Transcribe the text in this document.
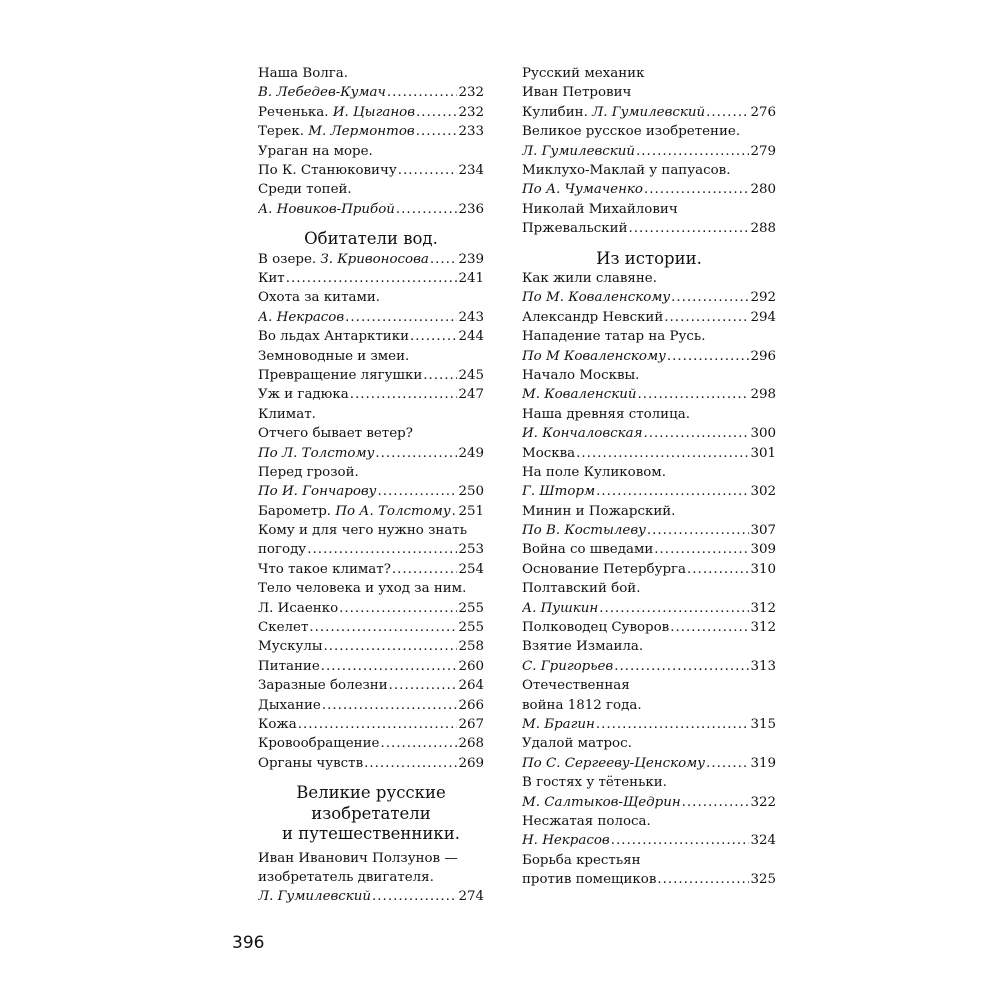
Наша Волга.
В. Лебедев-Кумач .....	232
Реченька.
И. Цыганов .....	232
Терек.
М. Лермонтов .....	233
Ураган на море.
По К. Станюковичу .....	234
Среди топей.
А. Новиков-Прибой .....	236
Обитатели вод.
В озере.
З. Кривоносова ..... 239
Кит .....	241
Охота за китами.
А. Некрасов .....	243
Во льдах Антарктики .....	244
Земноводные и змеи.
Превращение лягушки .....	245
Уж и гадюка .....	247
Климат.
Отчего бывает ветер?
По Л. Толстому .....	249
Перед грозой.
По И. Гончарову .....	250
Барометр.
По А. Толстому ..... 251
Кому и для чего нужно знать
погоду .....	253
Что такое климат? .....	254
Тело человека и уход за ним.
Л. Исаенко .....	255
Скелет .....	255
Мускулы .....	258
Питание .....	260
Заразные болезни .....	264
Дыхание .....	266
Кожа .....	267
Кровообращение .....	268
Органы чувств .....	269
Великие русские
изобретатели
и путешественники.
Иван Иванович Ползунов —
изобретатель двигателя.
Л. Гумилевский .....	274
Русский механик
Иван Петрович
Кулибин.
Л. Гумилевский .....	276
Великое русское изобретение.
Л. Гумилевский .....	279
Миклухо-Маклай у папуасов.
По А. Чумаченко .....	280
Николай Михайлович
Пржевальский .....	288
Из истории.
Как жили славяне.
По М. Коваленскому .....	292
Александр Невский .....	294
Нападение татар на Русь.
По М Коваленскому .....	296
Начало Москвы.
М. Коваленский .....	298
Наша древняя столица.
И. Кончаловская .....	300
Москва .....	301
На поле Куликовом.
Г. Шторм .....	302
Минин и Пожарский.
По В. Костылеву .....	307
Война со шведами .....	309
Основание Петербурга .....	310
Полтавский бой.
А. Пушкин .....	312
Полководец Суворов .....	312
Взятие Измаила.
С. Григорьев .....	313
Отечественная
война 1812 года.
М. Брагин .....	315
Удалой матрос.
По С. Сергееву-Ценскому .....	319
В гостях у тётеньки.
М. Салтыков-Щедрин .....	322
Несжатая полоса.
Н. Некрасов .....	324
Борьба крестьян
против помещиков .....	325
396
